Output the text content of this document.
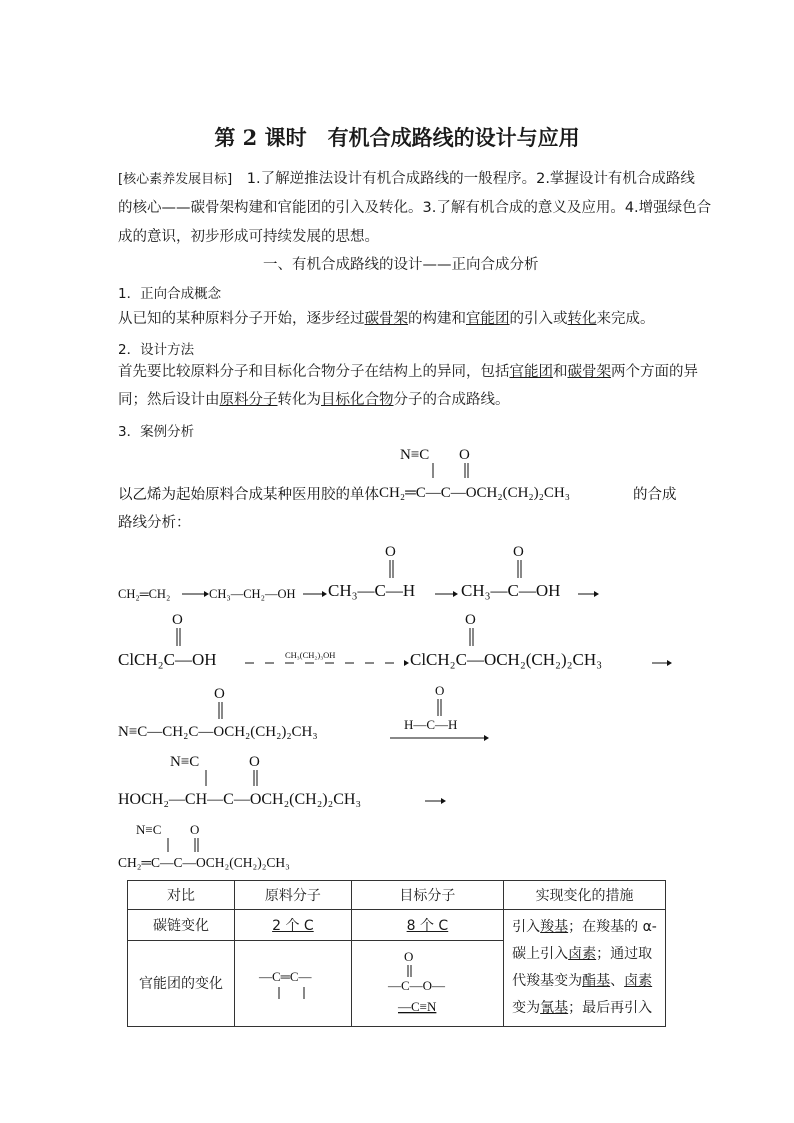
第 2 课时　有机合成路线的设计与应用
[核心素养发展目标] 1.了解逆推法设计有机合成路线的一般程序。2.掌握设计有机合成路线
的核心——碳骨架构建和官能团的引入及转化。3.了解有机合成的意义及应用。4.增强绿色合
成的意识，初步形成可持续发展的思想。
一、有机合成路线的设计——正向合成分析
1．正向合成概念
从已知的某种原料分子开始，逐步经过碳骨架的构建和官能团的引入或转化来完成。
2．设计方法
首先要比较原料分子和目标化合物分子在结构上的异同，包括官能团和碳骨架两个方面的异
同；然后设计由原料分子转化为目标化合物分子的合成路线。
3．案例分析
以乙烯为起始原料合成某种医用胶的单体
N≡C O
CH₂═C—C—OCH₂(CH₂)₂CH₃	的合成
路线分析：
CH₂═CH₂	CH₃—CH₂—OH CH₃—C—H
O
CH₃—C—OH
O
ClCH₂C—OH
O
CH₃(CH₂)₃OH	ClCH₂C—OCH₂(CH₂)₂CH₃
O
N≡C—CH₂C—OCH₂(CH₂)₂CH₃
O
H—C—H
O
N≡C	O
HOCH₂—CH—C—OCH₂(CH₂)₂CH₃
N≡C O
CH₂═C—C—OCH₂(CH₂)₂CH₃
对比	原料分子	目标分子	实现变化的措施
碳链变化	2 个 C	8 个 C	引入羧基；在羧基的 α-
碳上引入卤素；通过取
代羧基变为酯基、卤素
变为氰基；最后再引入
官能团的变化	—C═C—	O
—C—O—
—C≡N	
